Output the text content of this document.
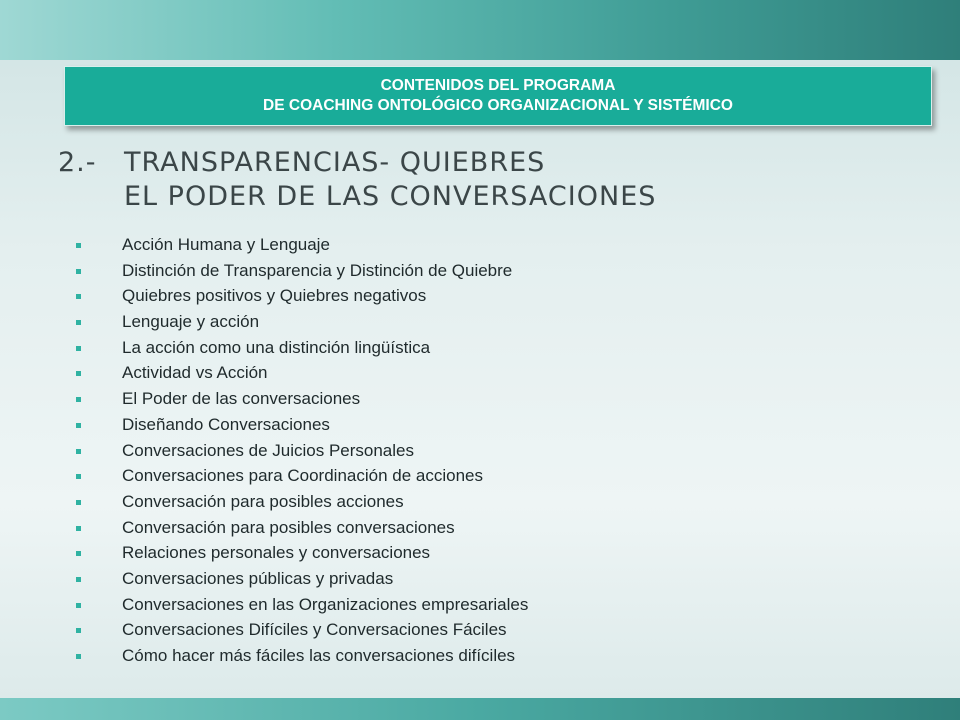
CONTENIDOS DEL PROGRAMA
DE COACHING ONTOLÓGICO ORGANIZACIONAL Y SISTÉMICO
2.- TRANSPARENCIAS- QUIEBRES
EL PODER DE LAS CONVERSACIONES
Acción Humana y Lenguaje
Distinción de Transparencia y Distinción de Quiebre
Quiebres positivos y Quiebres negativos
Lenguaje y acción
La acción como una distinción lingüística
Actividad vs Acción
El Poder de las conversaciones
Diseñando Conversaciones
Conversaciones de Juicios Personales
Conversaciones para Coordinación de acciones
Conversación para posibles acciones
Conversación para posibles conversaciones
Relaciones personales y conversaciones
Conversaciones públicas y privadas
Conversaciones en las Organizaciones empresariales
Conversaciones Difíciles y Conversaciones Fáciles
Cómo hacer más fáciles las conversaciones difíciles
